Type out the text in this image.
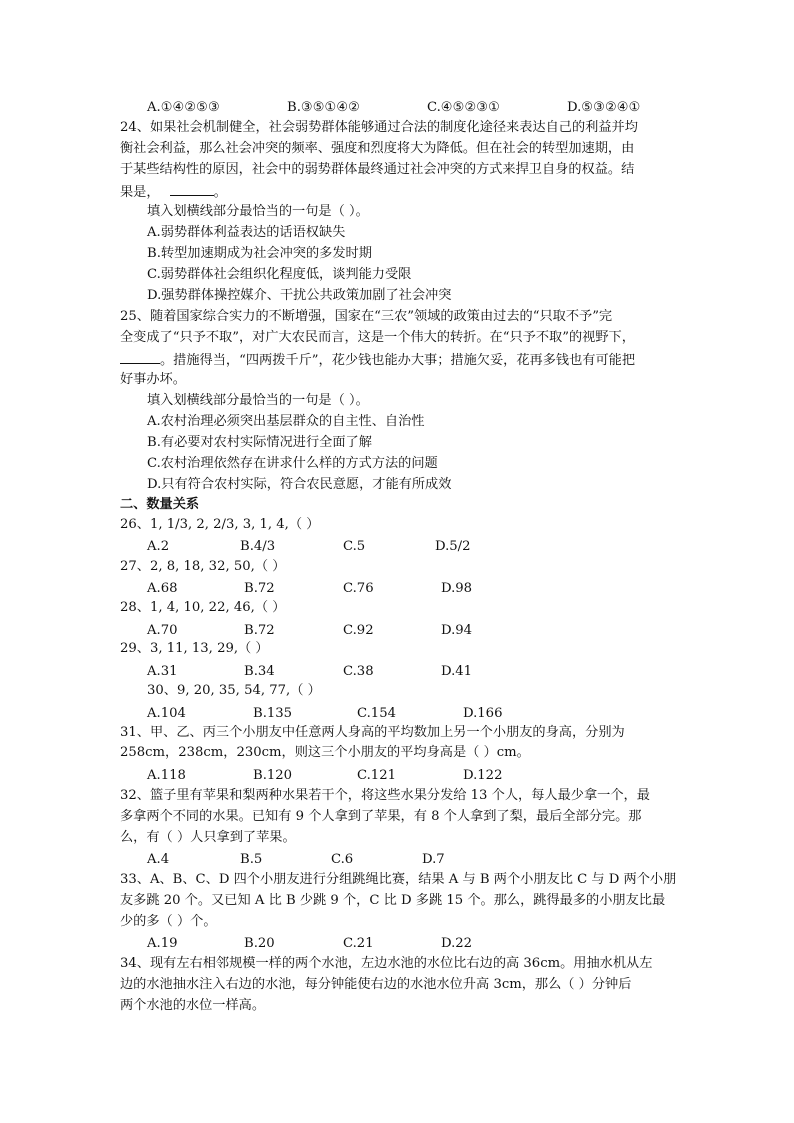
A.①④②⑤③	B.③⑤①④②	C.④⑤②③①	D.⑤③②④①
24、如果社会机制健全，社会弱势群体能够通过合法的制度化途径来表达自己的利益并均
衡社会利益，那么社会冲突的频率、强度和烈度将大为降低。但在社会的转型加速期，由
于某些结构性的原因，社会中的弱势群体最终通过社会冲突的方式来捍卫自身的权益。结
果是，	。
填入划横线部分最恰当的一句是（ ）。
A.弱势群体利益表达的话语权缺失
B.转型加速期成为社会冲突的多发时期
C.弱势群体社会组织化程度低，谈判能力受限
D.强势群体操控媒介、干扰公共政策加剧了社会冲突
25、随着国家综合实力的不断增强，国家在“三农”领域的政策由过去的“只取不予”完
全变成了“只予不取”，对广大农民而言，这是一个伟大的转折。在“只予不取”的视野下，
。措施得当，“四两拨千斤”，花少钱也能办大事；措施欠妥，花再多钱也有可能把
好事办坏。
填入划横线部分最恰当的一句是（ ）。
A.农村治理必须突出基层群众的自主性、自治性
B.有必要对农村实际情况进行全面了解
C.农村治理依然存在讲求什么样的方式方法的问题
D.只有符合农村实际，符合农民意愿，才能有所成效
二、数量关系
26、1, 1/3, 2, 2/3, 3, 1, 4,（ ）
A.2	B.4/3	C.5	D.5/2
27、2, 8, 18, 32, 50,（ ）
A.68	B.72	C.76	D.98
28、1, 4, 10, 22, 46,（ ）
A.70	B.72	C.92	D.94
29、3, 11, 13, 29,（ ）
A.31	B.34	C.38	D.41
30、9, 20, 35, 54, 77,（ ）
A.104	B.135	C.154	D.166
31、甲、乙、丙三个小朋友中任意两人身高的平均数加上另一个小朋友的身高，分别为
258cm，238cm，230cm，则这三个小朋友的平均身高是（ ）cm。
A.118	B.120	C.121	D.122
32、篮子里有苹果和梨两种水果若干个，将这些水果分发给 13 个人，每人最少拿一个，最
多拿两个不同的水果。已知有 9 个人拿到了苹果，有 8 个人拿到了梨，最后全部分完。那
么，有（ ）人只拿到了苹果。
A.4	B.5	C.6	D.7
33、A、B、C、D 四个小朋友进行分组跳绳比赛，结果 A 与 B 两个小朋友比 C 与 D 两个小朋
友多跳 20 个。又已知 A 比 B 少跳 9 个，C 比 D 多跳 15 个。那么，跳得最多的小朋友比最
少的多（ ）个。
A.19	B.20	C.21	D.22
34、现有左右相邻规模一样的两个水池，左边水池的水位比右边的高 36cm。用抽水机从左
边的水池抽水注入右边的水池，每分钟能使右边的水池水位升高 3cm，那么（ ）分钟后
两个水池的水位一样高。
